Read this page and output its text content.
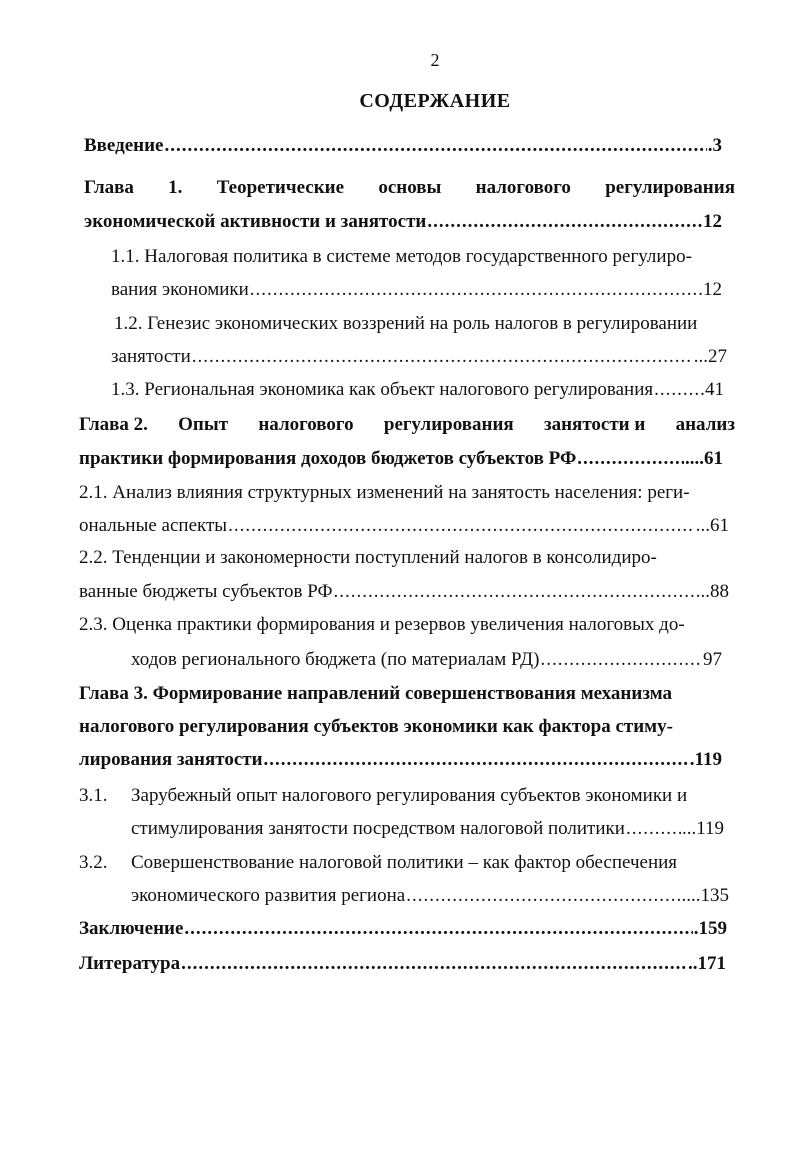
2
СОДЕРЖАНИЕ
Введение .....	.3
Глава 1. Теоретические основы налогового регулирования
экономической активности и занятости .....	12
1.1. Налоговая политика в системе методов государственного регулиро-
вания экономики .....	12
1.2. Генезис экономических воззрений на роль налогов в регулировании
занятости .....	...27
1.3. Региональная экономика как объект налогового регулирования .....	41
Глава 2. Опыт налогового регулирования занятости и анализ
практики формирования доходов бюджетов субъектов РФ .....	....61
2.1. Анализ влияния структурных изменений на занятость населения: реги-
ональные аспекты .....	...61
2.2. Тенденции и закономерности поступлений налогов в консолидиро-
ванные бюджеты субъектов РФ .....	...88
2.3. Оценка практики формирования и резервов увеличения налоговых до-
ходов регионального бюджета (по материалам РД) .....	97
Глава 3. Формирование направлений совершенствования механизма
налогового регулирования субъектов экономики как фактора стиму-
лирования занятости .....	.119
3.1. Зарубежный опыт налогового регулирования субъектов экономики и
стимулирования занятости посредством налоговой политики .....	...119
3.2. Совершенствование налоговой политики – как фактор обеспечения
экономического развития региона .....	....135
Заключение .....	.159
Литература .....	..171
